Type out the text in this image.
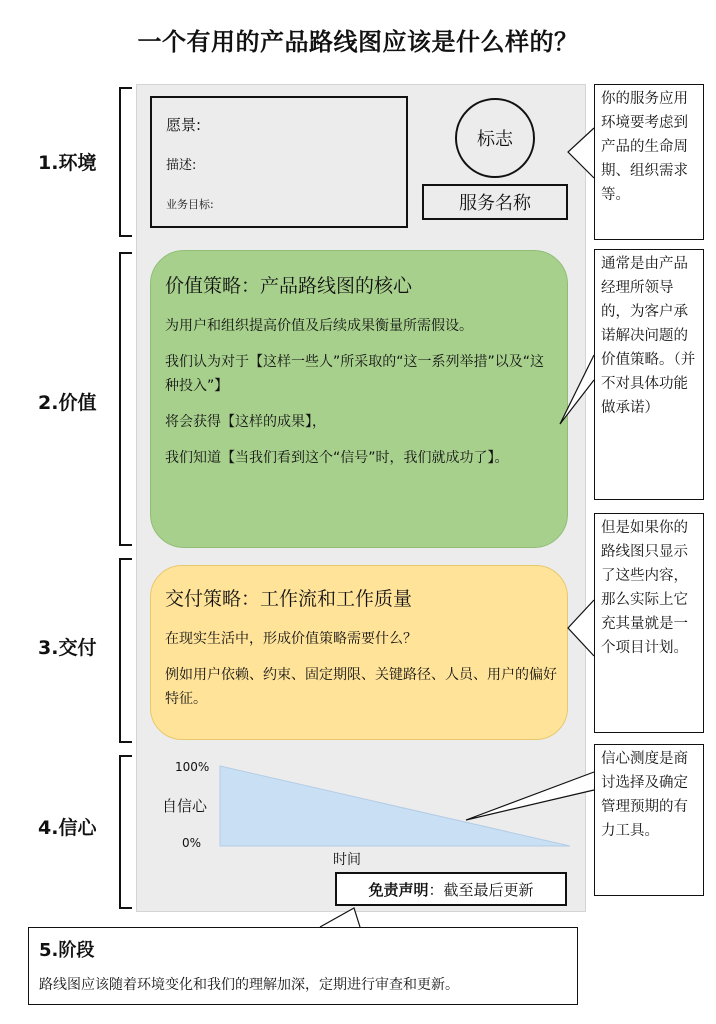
一个有用的产品路线图应该是什么样的？
1.环境
2.价值
3.交付
4.信心
愿景:
描述:
业务目标:
标志
服务名称
价值策略：产品路线图的核心
为用户和组织提高价值及后续成果衡量所需假设。
我们认为对于【这样一些人”所采取的“这一系列举措”以及“这种投入”】
将会获得【这样的成果】，
我们知道【当我们看到这个“信号”时，我们就成功了】。
交付策略：工作流和工作质量
在现实生活中，形成价值策略需要什么？
例如用户依赖、约束、固定期限、关键路径、人员、用户的偏好特征。
100%
0%
自信心
时间
免责声明 ：截至最后更新
你的服务应用环境要考虑到产品的生命周期、组织需求等。
通常是由产品经理所领导的，为客户承诺解决问题的价值策略。（并不对具体功能做承诺）
但是如果你的路线图只显示了这些内容，那么实际上它充其量就是一个项目计划。
信心测度是商讨选择及确定管理预期的有力工具。
5.阶段
路线图应该随着环境变化和我们的理解加深，定期进行审查和更新。
